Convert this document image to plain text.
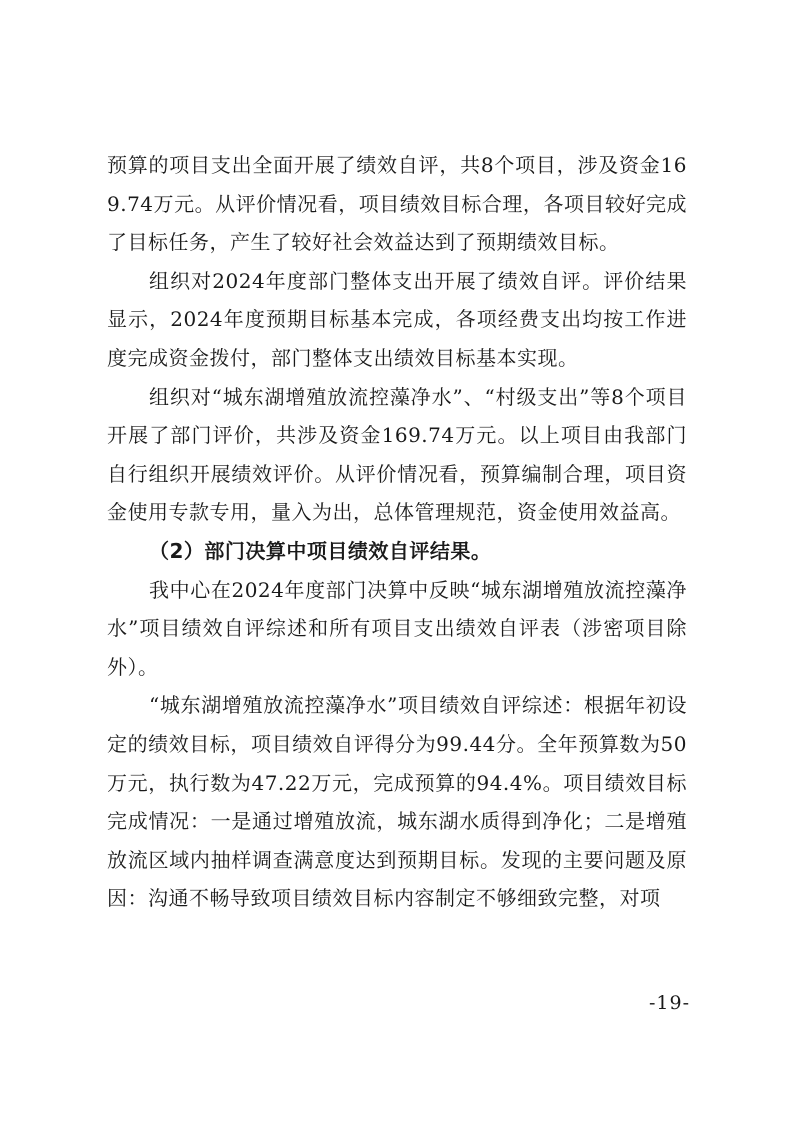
预算的项目支出全面开展了绩效自评，共8个项目，涉及资金169.74万元。从评价情况看，项目绩效目标合理，各项目较好完成了目标任务，产生了较好社会效益达到了预期绩效目标。

组织对2024年度部门整体支出开展了绩效自评。评价结果显示，2024年度预期目标基本完成，各项经费支出均按工作进度完成资金拨付，部门整体支出绩效目标基本实现。

组织对“城东湖增殖放流控藻净水”、“村级支出”等8个项目开展了部门评价，共涉及资金169.74万元。以上项目由我部门自行组织开展绩效评价。从评价情况看，预算编制合理，项目资金使用专款专用，量入为出，总体管理规范，资金使用效益高。

（2）部门决算中项目绩效自评结果。

我中心在2024年度部门决算中反映“城东湖增殖放流控藻净水”项目绩效自评综述和所有项目支出绩效自评表（涉密项目除外）。

“城东湖增殖放流控藻净水”项目绩效自评综述：根据年初设定的绩效目标，项目绩效自评得分为99.44分。全年预算数为50万元，执行数为47.22万元，完成预算的94.4%。项目绩效目标完成情况：一是通过增殖放流，城东湖水质得到净化；二是增殖放流区域内抽样调查满意度达到预期目标。发现的主要问题及原因：沟通不畅导致项目绩效目标内容制定不够细致完整，对项

-19-
